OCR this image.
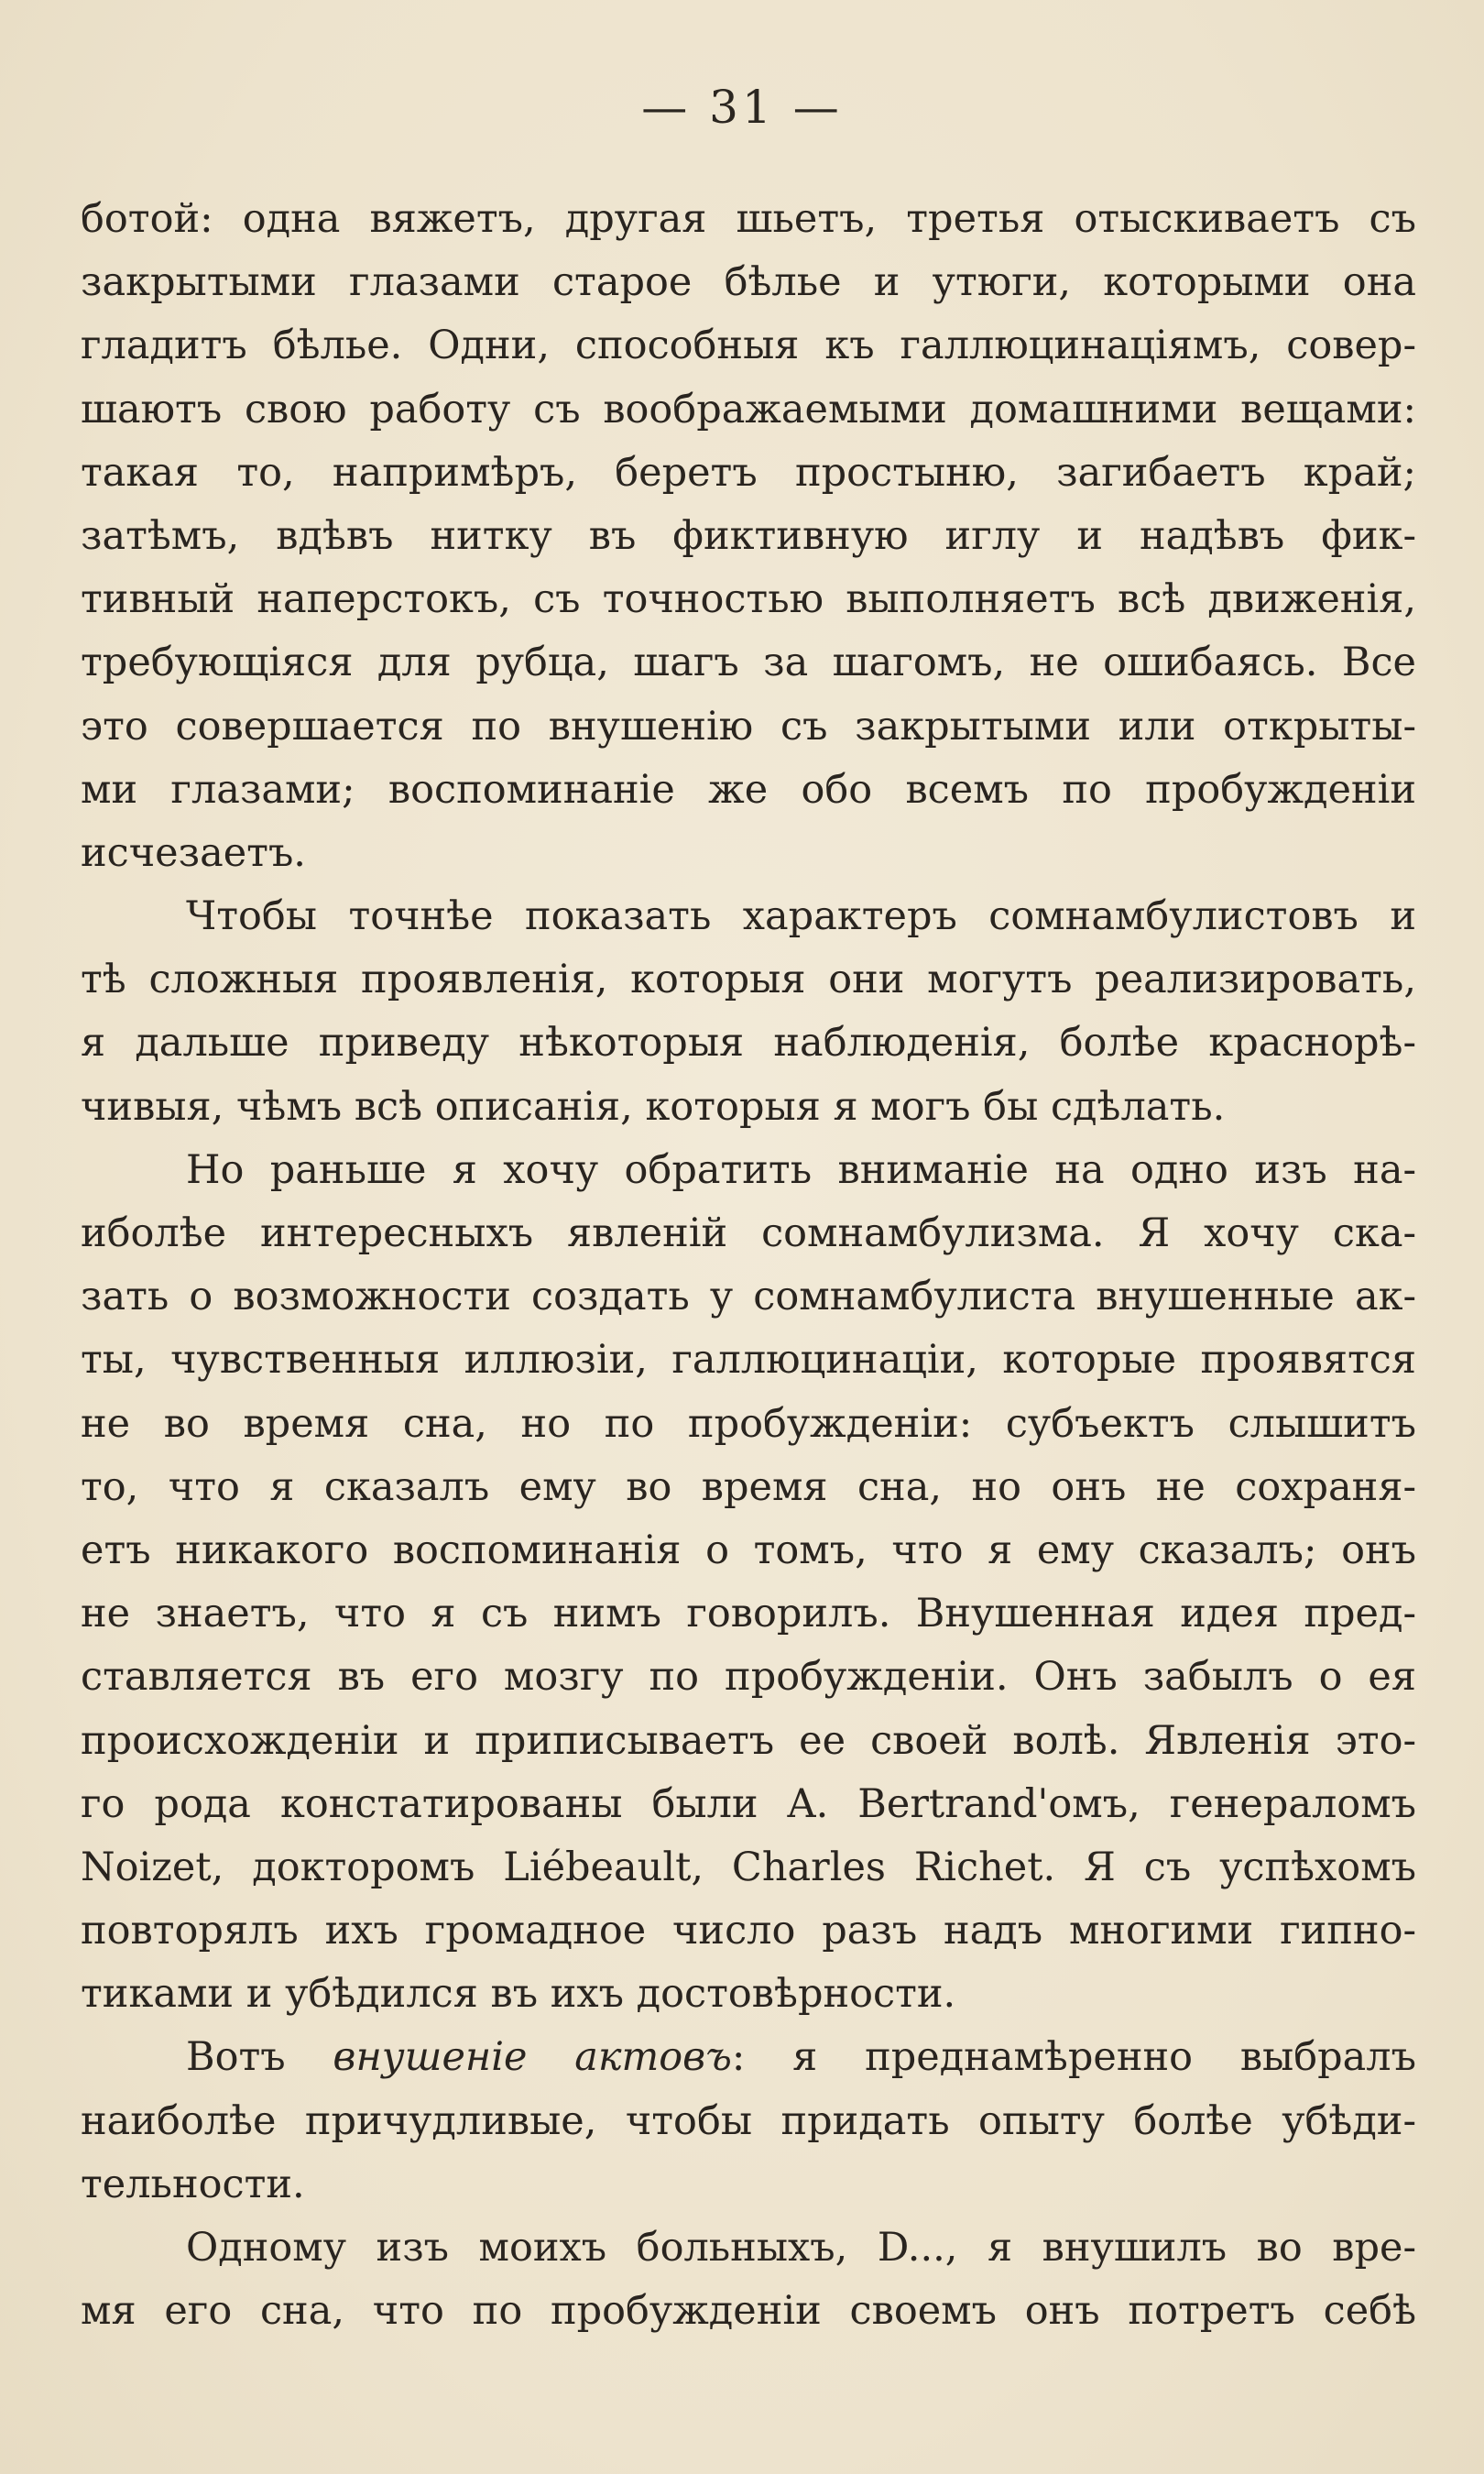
— 31 —
ботой: одна вяжетъ, другая шьетъ, третья отыскиваетъ съ
закрытыми глазами старое бѣлье и утюги, которыми она
гладитъ бѣлье. Одни, способныя къ галлюцинаціямъ, совер-
шаютъ свою работу съ воображаемыми домашними вещами:
такая то, напримѣръ, беретъ простыню, загибаетъ край;
затѣмъ, вдѣвъ нитку въ фиктивную иглу и надѣвъ фик-
тивный наперстокъ, съ точностью выполняетъ всѣ движенія,
требующіяся для рубца, шагъ за шагомъ, не ошибаясь. Все
это совершается по внушенію съ закрытыми или открыты-
ми глазами; воспоминаніе же обо всемъ по пробужденіи
исчезаетъ.
Чтобы точнѣе показать характеръ сомнамбулистовъ и
тѣ сложныя проявленія, которыя они могутъ реализировать,
я дальше приведу нѣкоторыя наблюденія, болѣе краснорѣ-
чивыя, чѣмъ всѣ описанія, которыя я могъ бы сдѣлать.
Но раньше я хочу обратить вниманіе на одно изъ на-
иболѣе интересныхъ явленій сомнамбулизма. Я хочу ска-
зать о возможности создать у сомнамбулиста внушенные ак-
ты, чувственныя иллюзіи, галлюцинаціи, которые проявятся
не во время сна, но по пробужденіи: субъектъ слышитъ
то, что я сказалъ ему во время сна, но онъ не сохраня-
етъ никакого воспоминанія о томъ, что я ему сказалъ; онъ
не знаетъ, что я съ нимъ говорилъ. Внушенная идея пред-
ставляется въ его мозгу по пробужденіи. Онъ забылъ о ея
происхожденіи и приписываетъ ее своей волѣ. Явленія это-
го рода констатированы были A. Bertrand'омъ, генераломъ
Noizet, докторомъ Liébeault, Charles Richet. Я съ успѣхомъ
повторялъ ихъ громадное число разъ надъ многими гипно-
тиками и убѣдился въ ихъ достовѣрности.
Вотъ внушеніе актовъ: я преднамѣренно выбралъ
наиболѣе причудливые, чтобы придать опыту болѣе убѣди-
тельности.
Одному изъ моихъ больныхъ, D..., я внушилъ во вре-
мя его сна, что по пробужденіи своемъ онъ потретъ себѣ
